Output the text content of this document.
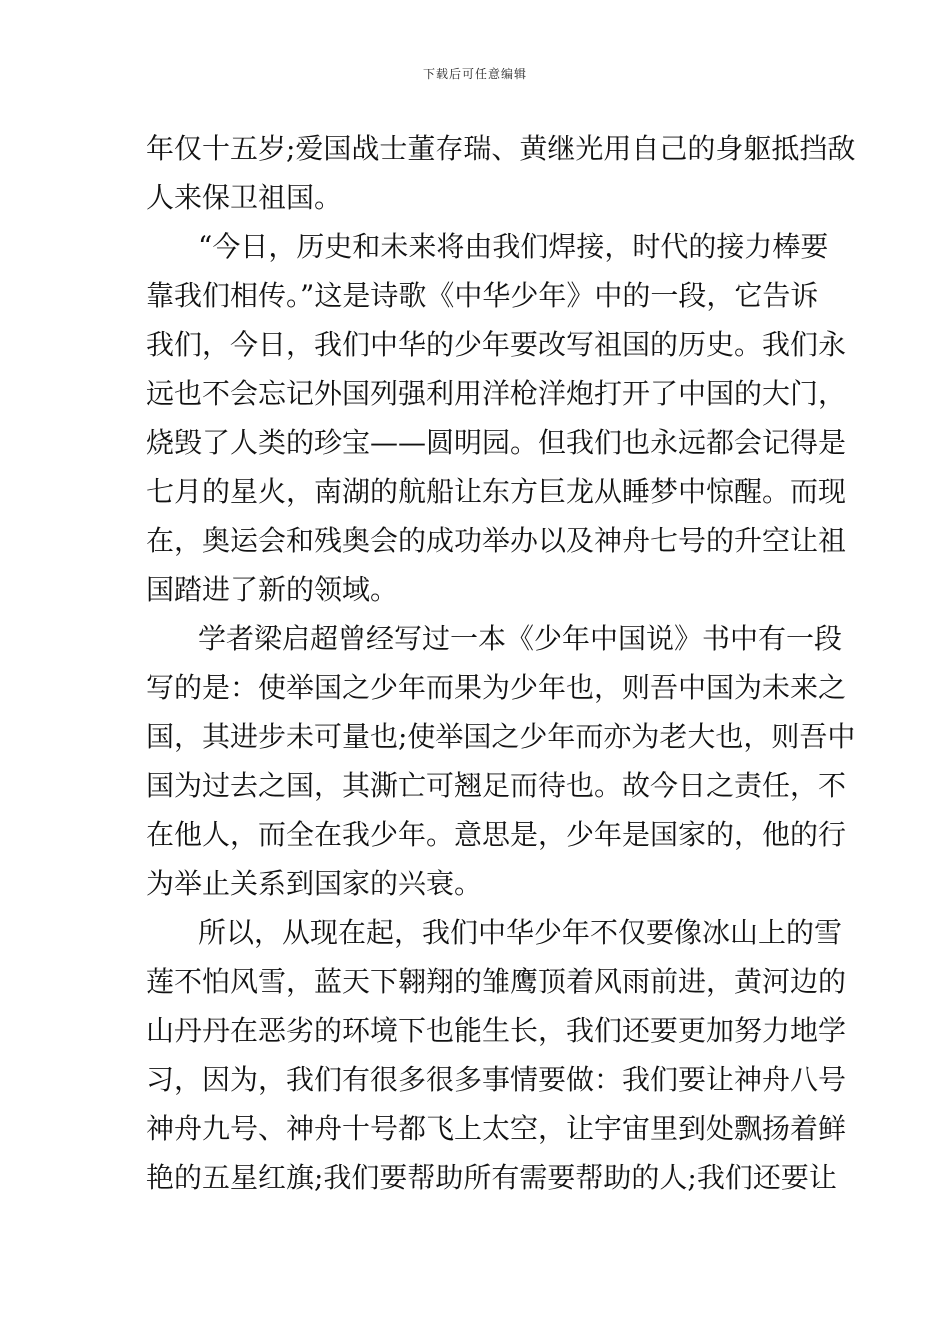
下载后可任意编辑
年仅十五岁;爱国战士董存瑞、黄继光用自己的身躯抵挡敌
人来保卫祖国。
“今日，历史和未来将由我们焊接，时代的接力棒要
靠我们相传。”这是诗歌《中华少年》中的一段，它告诉
我们，今日，我们中华的少年要改写祖国的历史。我们永
远也不会忘记外国列强利用洋枪洋炮打开了中国的大门，
烧毁了人类的珍宝——圆明园。但我们也永远都会记得是
七月的星火，南湖的航船让东方巨龙从睡梦中惊醒。而现
在，奥运会和残奥会的成功举办以及神舟七号的升空让祖
国踏进了新的领域。
学者梁启超曾经写过一本《少年中国说》书中有一段
写的是：使举国之少年而果为少年也，则吾中国为未来之
国，其进步未可量也;使举国之少年而亦为老大也，则吾中
国为过去之国，其澌亡可翘足而待也。故今日之责任，不
在他人，而全在我少年。意思是，少年是国家的，他的行
为举止关系到国家的兴衰。
所以，从现在起，我们中华少年不仅要像冰山上的雪
莲不怕风雪，蓝天下翱翔的雏鹰顶着风雨前进，黄河边的
山丹丹在恶劣的环境下也能生长，我们还要更加努力地学
习，因为，我们有很多很多事情要做：我们要让神舟八号
神舟九号、神舟十号都飞上太空，让宇宙里到处飘扬着鲜
艳的五星红旗;我们要帮助所有需要帮助的人;我们还要让
